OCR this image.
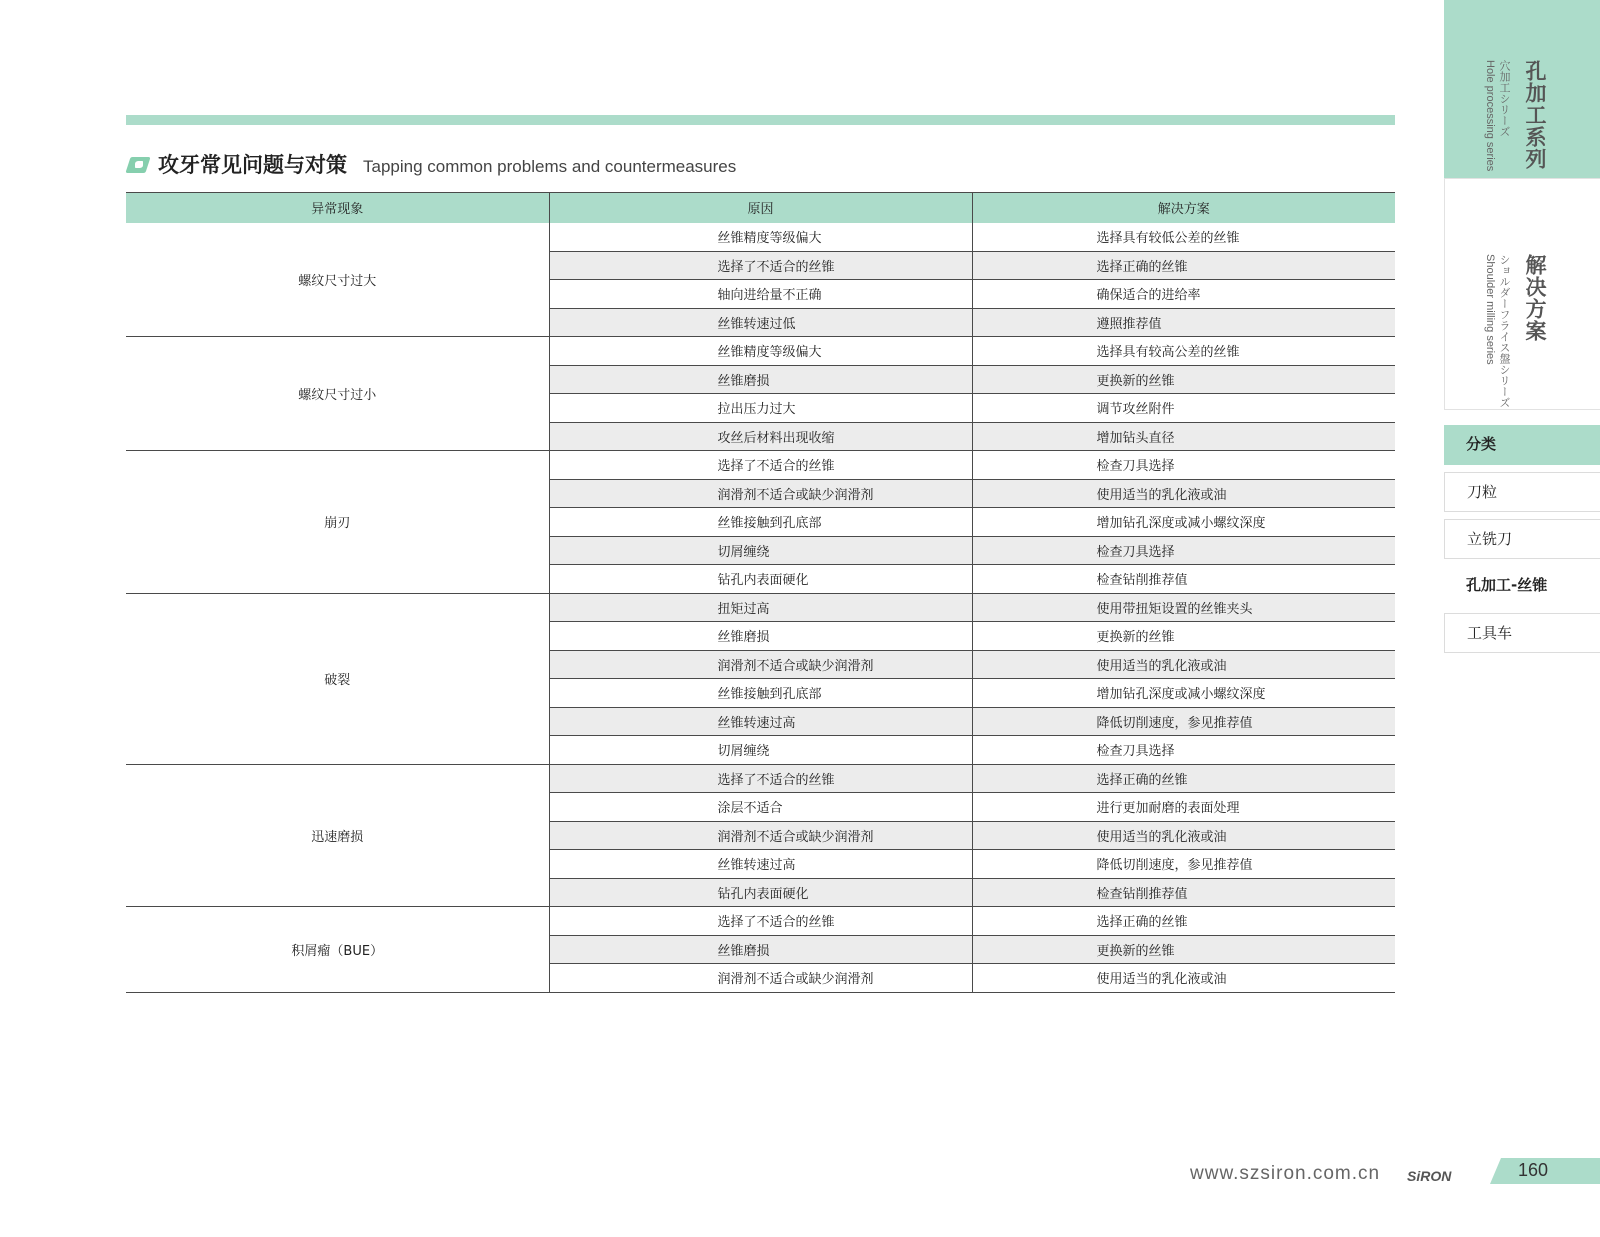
攻牙常见问题与对策 Tapping common problems and countermeasures
异常现象	原因	解决方案
螺纹尺寸过大	丝锥精度等级偏大	选择具有较低公差的丝锥
	选择了不适合的丝锥	选择正确的丝锥
	轴向进给量不正确	确保适合的进给率
	丝锥转速过低	遵照推荐值
螺纹尺寸过小	丝锥精度等级偏大	选择具有较高公差的丝锥
	丝锥磨损	更换新的丝锥
	拉出压力过大	调节攻丝附件
	攻丝后材料出现收缩	增加钻头直径
崩刃	选择了不适合的丝锥	检查刀具选择
	润滑剂不适合或缺少润滑剂	使用适当的乳化液或油
	丝锥接触到孔底部	增加钻孔深度或减小螺纹深度
	切屑缠绕	检查刀具选择
	钻孔内表面硬化	检查钻削推荐值
破裂	扭矩过高	使用带扭矩设置的丝锥夹头
	丝锥磨损	更换新的丝锥
	润滑剂不适合或缺少润滑剂	使用适当的乳化液或油
	丝锥接触到孔底部	增加钻孔深度或减小螺纹深度
	丝锥转速过高	降低切削速度，参见推荐值
	切屑缠绕	检查刀具选择
迅速磨损	选择了不适合的丝锥	选择正确的丝锥
	涂层不适合	进行更加耐磨的表面处理
	润滑剂不适合或缺少润滑剂	使用适当的乳化液或油
	丝锥转速过高	降低切削速度，参见推荐值
	钻孔内表面硬化	检查钻削推荐值
积屑瘤（BUE）	选择了不适合的丝锥	选择正确的丝锥
	丝锥磨损	更换新的丝锥
	润滑剂不适合或缺少润滑剂	使用适当的乳化液或油
孔加工系列
穴加工シリーズ
Hole processing series
解决方案
ショルダーフライス盤シリーズ
Shoulder milling series
分类
刀粒
立铣刀
孔加工-丝锥
工具车
www.szsiron.com.cn SiRON	160
